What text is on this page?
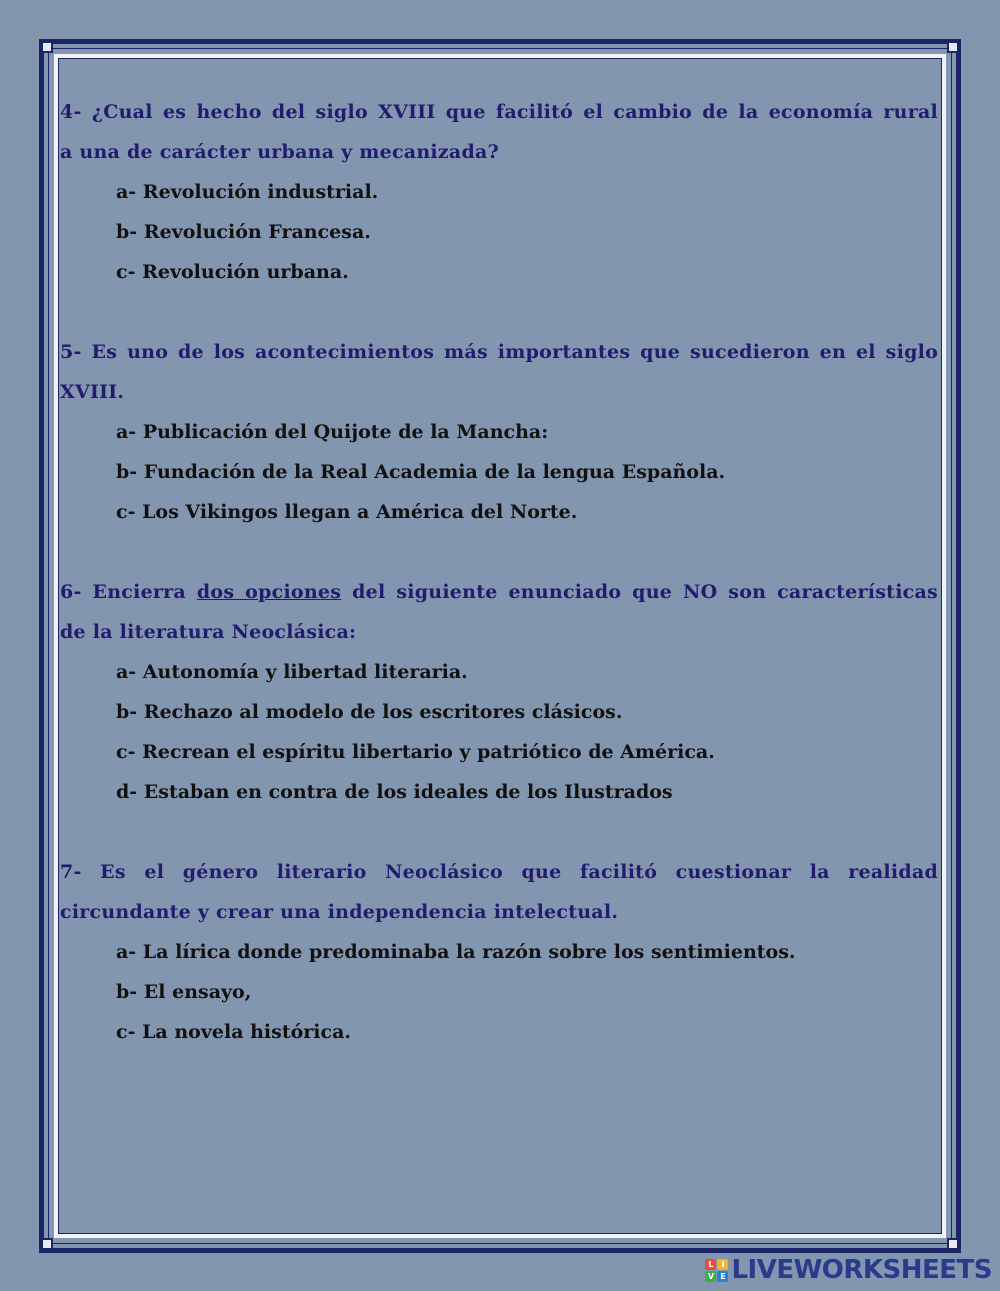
4- ¿Cual es hecho del siglo XVIII que facilitó el cambio de la economía rural
a una de carácter urbana y mecanizada?
a- Revolución industrial.
b- Revolución Francesa.
c- Revolución urbana.
5- Es uno de los acontecimientos más importantes que sucedieron en el siglo
XVIII.
a- Publicación del Quijote de la Mancha:
b- Fundación de la Real Academia de la lengua Española.
c- Los Vikingos llegan a América del Norte.
6- Encierra dos opciones del siguiente enunciado que NO son características
de la literatura Neoclásica:
a- Autonomía y libertad literaria.
b- Rechazo al modelo de los escritores clásicos.
c- Recrean el espíritu libertario y patriótico de América.
d- Estaban en contra de los ideales de los Ilustrados
7- Es el género literario Neoclásico que facilitó cuestionar la realidad
circundante y crear una independencia intelectual.
a- La lírica donde predominaba la razón sobre los sentimientos.
b- El ensayo,
c- La novela histórica.
L I
V E LIVEWORKSHEETS
